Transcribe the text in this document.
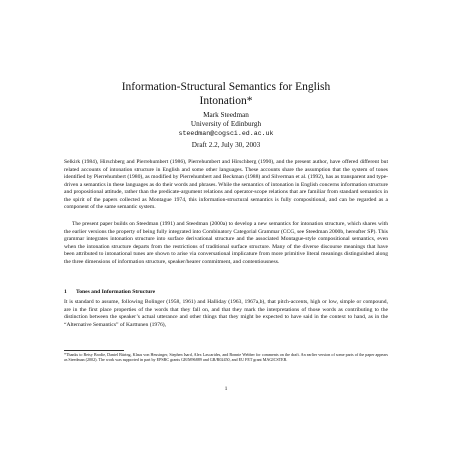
Information-Structural Semantics for English
Intonation*
Mark Steedman
University of Edinburgh
steedman@cogsci.ed.ac.uk
Draft 2.2, July 30, 2003
Selkirk (1984), Hirschberg and Pierrehumbert (1986), Pierrehumbert and Hirschberg (1990), and the present author, have offered different but related accounts of intonation structure in English and some other languages. These accounts share the assumption that the system of tones identified by Pierrehumbert (1980), as modified by Pierrehumbert and Beckman (1988) and Silverman et al. (1992), has as transparent and type-driven a semantics in these languages as do their words and phrases. While the semantics of intonation in English concerns information structure and propositional attitude, rather than the predicate-argument relations and operator-scope relations that are familiar from standard semantics in the spirit of the papers collected as Montague 1974, this information-structural semantics is fully compositional, and can be regarded as a component of the same semantic system.
The present paper builds on Steedman (1991) and Steedman (2000a) to develop a new semantics for intonation structure, which shares with the earlier versions the property of being fully integrated into Combinatory Categorial Grammar (CCG, see Steedman 2000b, hereafter SP). This grammar integrates intonation structure into surface derivational structure and the associated Montague-style compositional semantics, even when the intonation structure departs from the restrictions of traditional surface structure. Many of the diverse discourse meanings that have been attributed to intonational tunes are shown to arise via conversational implicature from more primitive literal meanings distinguished along the three dimensions of information structure, speaker/hearer commitment, and contentiousness.
1 Tones and Information Structure
It is standard to assume, following Bolinger (1958, 1961) and Halliday (1963, 1967a,b), that pitch-accents, high or low, simple or compound, are in the first place properties of the words that they fall on, and that they mark the interpretations of those words as contributing to the distinction between the speaker’s actual utterance and other things that they might be expected to have said in the context to hand, as in the “Alternative Semantics” of Karttunen (1976),
*Thanks to Betsy Brodie, Daniel Büring, Klaus von Heusinger, Stephen Isard, Alex Lascarides, and Bonnie Webber for comments on the draft. An earlier version of some parts of the paper appears as Steedman (2002). The work was supported in part by EPSRC grants GR/M96889 and GR/R02450, and EU FET grant MAGICSTER.
1
